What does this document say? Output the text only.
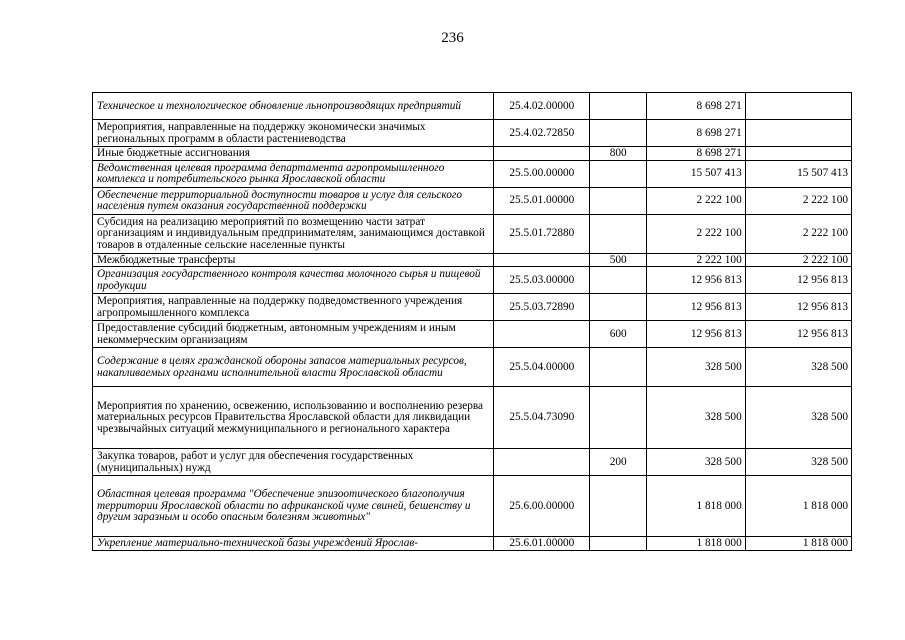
236
Техническое и технологическое обновление льнопроизводящих предприятий	25.4.02.00000		8 698 271	
Мероприятия, направленные на поддержку экономически значимых региональных программ в области растениеводства	25.4.02.72850		8 698 271	
Иные бюджетные ассигнования		800	8 698 271	
Ведомственная целевая программа департамента агропромышленного комплекса и потребительского рынка Ярославской области	25.5.00.00000		15 507 413	15 507 413
Обеспечение территориальной доступности товаров и услуг для сельского населения путем оказания государственной поддержки	25.5.01.00000		2 222 100	2 222 100
Субсидия на реализацию мероприятий по возмещению части затрат организациям и индивидуальным предпринимателям, занимающимся доставкой товаров в отдаленные сельские населенные пункты	25.5.01.72880		2 222 100	2 222 100
Межбюджетные трансферты		500	2 222 100	2 222 100
Организация государственного контроля качества молочного сырья и пищевой продукции	25.5.03.00000		12 956 813	12 956 813
Мероприятия, направленные на поддержку подведомственного учреждения агропромышленного комплекса	25.5.03.72890		12 956 813	12 956 813
Предоставление субсидий бюджетным, автономным учреждениям и иным некоммерческим организациям		600	12 956 813	12 956 813
Содержание в целях гражданской обороны запасов материальных ресурсов, накапливаемых органами исполнительной власти Ярославской области	25.5.04.00000		328 500	328 500
Мероприятия по хранению, освежению, использованию и восполнению резерва материальных ресурсов Правительства Ярославской области для ликвидации чрезвычайных ситуаций межмуниципального и регионального характера	25.5.04.73090		328 500	328 500
Закупка товаров, работ и услуг для обеспечения государственных (муниципальных) нужд		200	328 500	328 500
Областная целевая программа "Обеспечение эпизоотического благополучия территории Ярославской области по африканской чуме свиней, бешенству и другим заразным и особо опасным болезням животных"	25.6.00.00000		1 818 000	1 818 000
Укрепление материально-технической базы учреждений Ярослав-	25.6.01.00000		1 818 000	1 818 000
